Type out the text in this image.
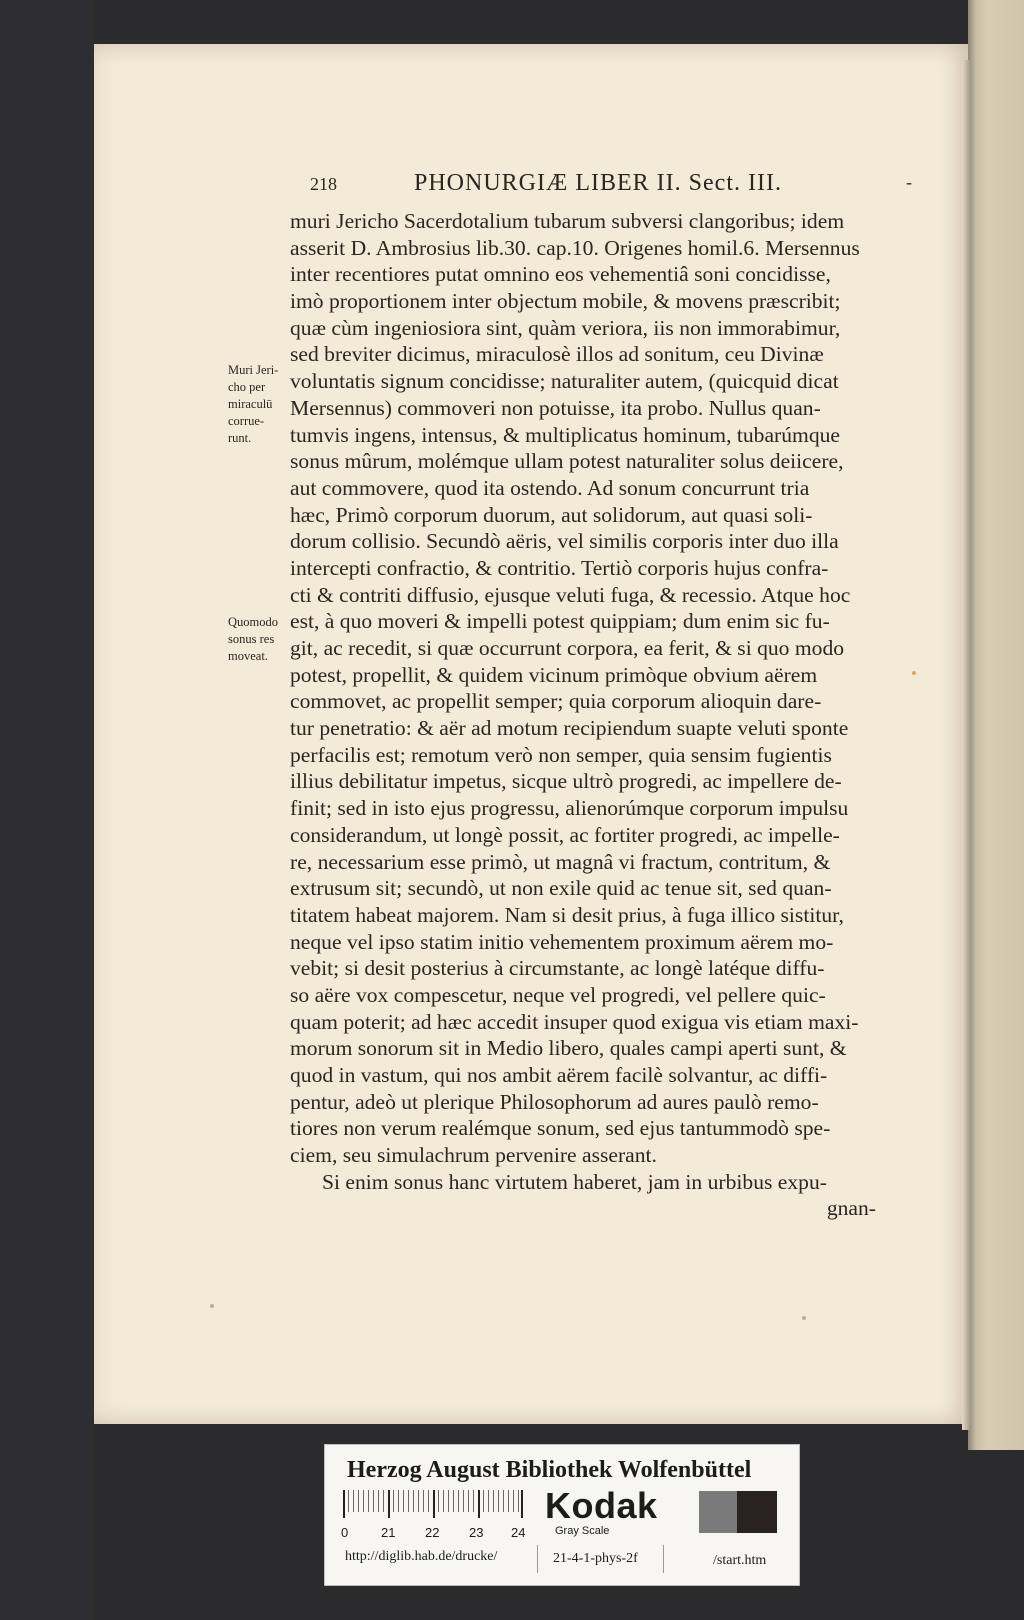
218	PHONURGIÆ LIBER II. Sect. III.	-
Muri Jeri-
cho per
miraculū
corrue-
runt.
Quomodo
sonus res
moveat.
muri Jericho Sacerdotalium tubarum subversi clangoribus; idem
asserit D. Ambrosius lib.30. cap.10. Origenes homil.6. Mersennus
inter recentiores putat omnino eos vehementiâ soni concidisse,
imò proportionem inter objectum mobile, & movens præscribit;
quæ cùm ingeniosiora sint, quàm veriora, iis non immorabimur,
sed breviter dicimus, miraculosè illos ad sonitum, ceu Divinæ
voluntatis signum concidisse; naturaliter autem, (quicquid dicat
Mersennus) commoveri non potuisse, ita probo. Nullus quan-
tumvis ingens, intensus, & multiplicatus hominum, tubarúmque
sonus mûrum, molémque ullam potest naturaliter solus deiicere,
aut commovere, quod ita ostendo. Ad sonum concurrunt tria
hæc, Primò corporum duorum, aut solidorum, aut quasi soli-
dorum collisio. Secundò aëris, vel similis corporis inter duo illa
intercepti confractio, & contritio. Tertiò corporis hujus confra-
cti & contriti diffusio, ejusque veluti fuga, & recessio. Atque hoc
est, à quo moveri & impelli potest quippiam; dum enim sic fu-
git, ac recedit, si quæ occurrunt corpora, ea ferit, & si quo modo
potest, propellit, & quidem vicinum primòque obvium aërem
commovet, ac propellit semper; quia corporum alioquin dare-
tur penetratio: & aër ad motum recipiendum suapte veluti sponte
perfacilis est; remotum verò non semper, quia sensim fugientis
illius debilitatur impetus, sicque ultrò progredi, ac impellere de-
finit; sed in isto ejus progressu, alienorúmque corporum impulsu
considerandum, ut longè possit, ac fortiter progredi, ac impelle-
re, necessarium esse primò, ut magnâ vi fractum, contritum, &
extrusum sit; secundò, ut non exile quid ac tenue sit, sed quan-
titatem habeat majorem. Nam si desit prius, à fuga illico sistitur,
neque vel ipso statim initio vehementem proximum aërem mo-
vebit; si desit posterius à circumstante, ac longè latéque diffu-
so aëre vox compescetur, neque vel progredi, vel pellere quic-
quam poterit; ad hæc accedit insuper quod exigua vis etiam maxi-
morum sonorum sit in Medio libero, quales campi aperti sunt, &
quod in vastum, qui nos ambit aërem facilè solvantur, ac diffi-
pentur, adeò ut plerique Philosophorum ad aures paulò remo-
tiores non verum realémque sonum, sed ejus tantummodò spe-
ciem, seu simulachrum pervenire asserant.
Si enim sonus hanc virtutem haberet, jam in urbibus expu-
gnan-
Herzog August Bibliothek Wolfenbüttel
0	21 22 23 24
Kodak
Gray Scale
http://diglib.hab.de/drucke/	21-4-1-phys-2f	/start.htm
